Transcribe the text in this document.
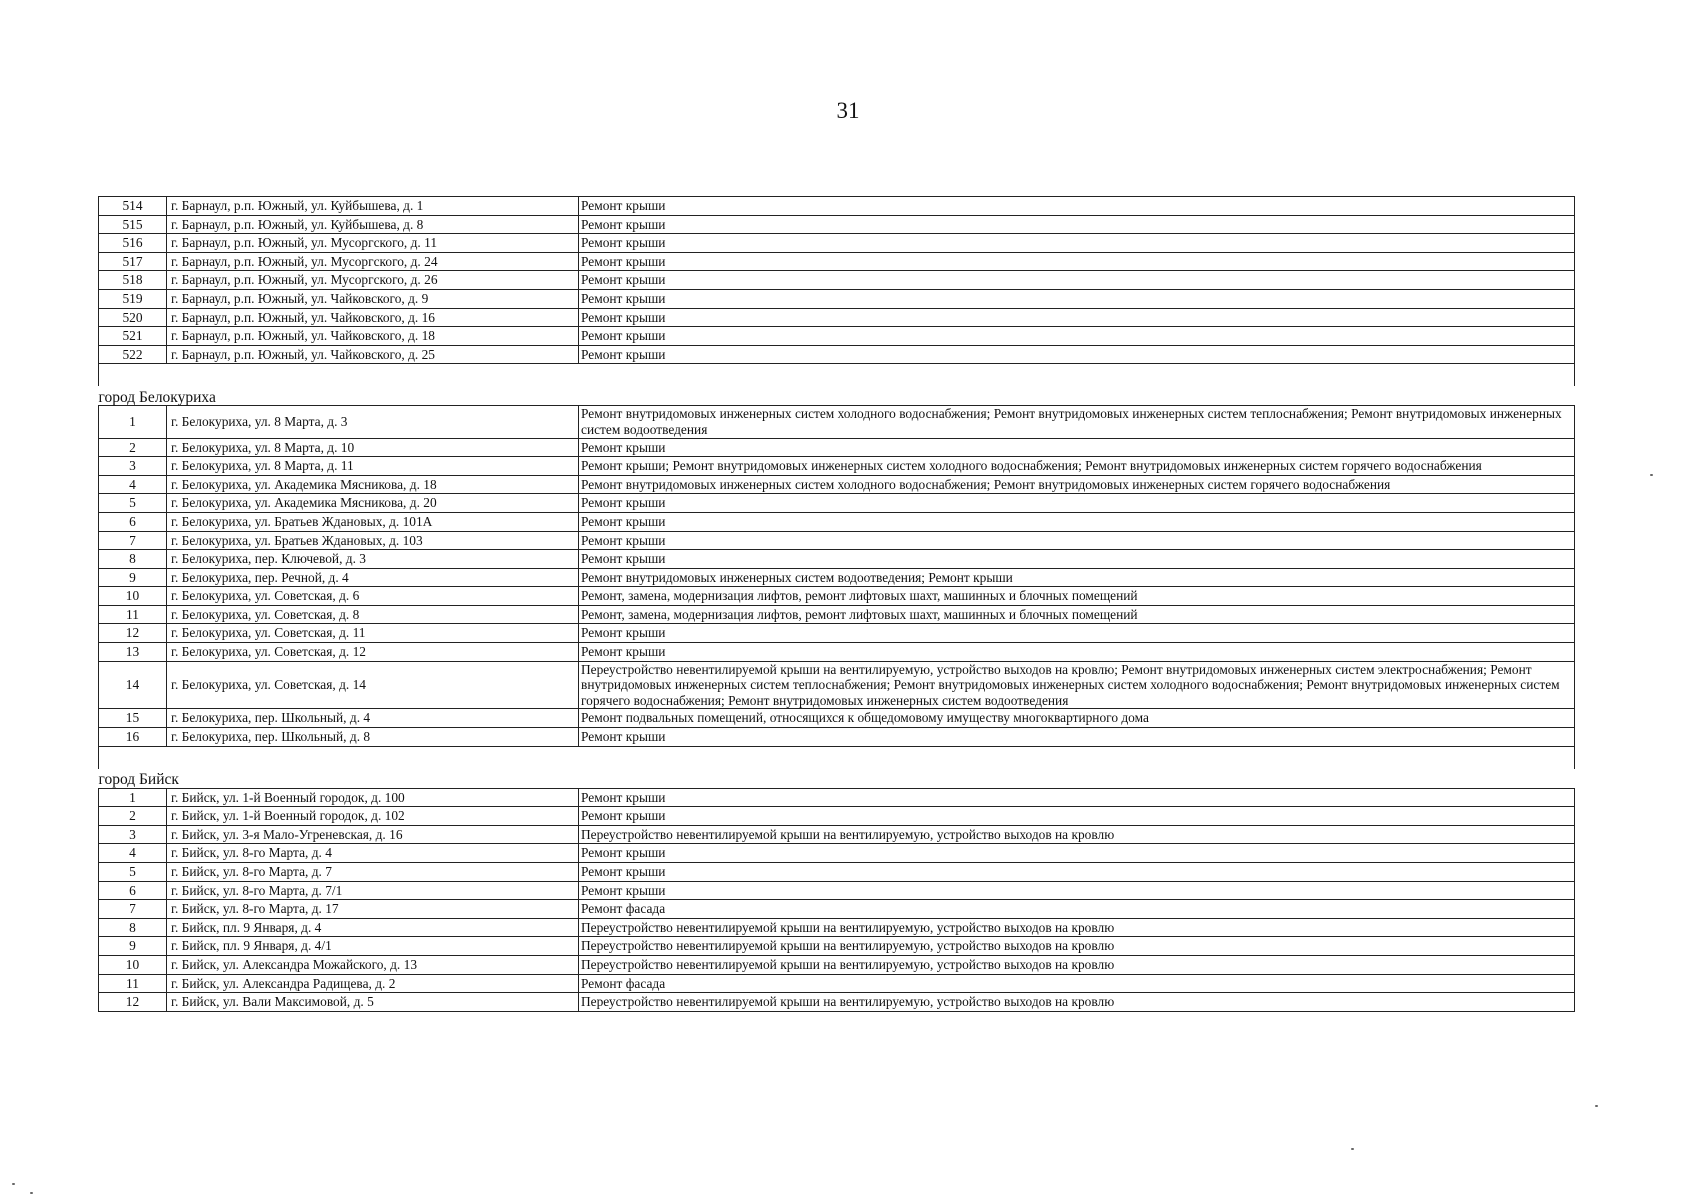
31
514	г. Барнаул, р.п. Южный, ул. Куйбышева, д. 1	Ремонт крыши
515	г. Барнаул, р.п. Южный, ул. Куйбышева, д. 8	Ремонт крыши
516	г. Барнаул, р.п. Южный, ул. Мусоргского, д. 11	Ремонт крыши
517	г. Барнаул, р.п. Южный, ул. Мусоргского, д. 24	Ремонт крыши
518	г. Барнаул, р.п. Южный, ул. Мусоргского, д. 26	Ремонт крыши
519	г. Барнаул, р.п. Южный, ул. Чайковского, д. 9	Ремонт крыши
520	г. Барнаул, р.п. Южный, ул. Чайковского, д. 16	Ремонт крыши
521	г. Барнаул, р.п. Южный, ул. Чайковского, д. 18	Ремонт крыши
522	г. Барнаул, р.п. Южный, ул. Чайковского, д. 25	Ремонт крыши

город Белокуриха		
1	г. Белокуриха, ул. 8 Марта, д. 3	Ремонт внутридомовых инженерных систем холодного водоснабжения; Ремонт внутридомовых инженерных систем теплоснабжения; Ремонт внутридомовых инженерных систем водоотведения
2	г. Белокуриха, ул. 8 Марта, д. 10	Ремонт крыши
3	г. Белокуриха, ул. 8 Марта, д. 11	Ремонт крыши; Ремонт внутридомовых инженерных систем холодного водоснабжения; Ремонт внутридомовых инженерных систем горячего водоснабжения
4	г. Белокуриха, ул. Академика Мясникова, д. 18	Ремонт внутридомовых инженерных систем холодного водоснабжения; Ремонт внутридомовых инженерных систем горячего водоснабжения
5	г. Белокуриха, ул. Академика Мясникова, д. 20	Ремонт крыши
6	г. Белокуриха, ул. Братьев Ждановых, д. 101А	Ремонт крыши
7	г. Белокуриха, ул. Братьев Ждановых, д. 103	Ремонт крыши
8	г. Белокуриха, пер. Ключевой, д. 3	Ремонт крыши
9	г. Белокуриха, пер. Речной, д. 4	Ремонт внутридомовых инженерных систем водоотведения; Ремонт крыши
10	г. Белокуриха, ул. Советская, д. 6	Ремонт, замена, модернизация лифтов, ремонт лифтовых шахт, машинных и блочных помещений
11	г. Белокуриха, ул. Советская, д. 8	Ремонт, замена, модернизация лифтов, ремонт лифтовых шахт, машинных и блочных помещений
12	г. Белокуриха, ул. Советская, д. 11	Ремонт крыши
13	г. Белокуриха, ул. Советская, д. 12	Ремонт крыши
14	г. Белокуриха, ул. Советская, д. 14	Переустройство невентилируемой крыши на вентилируемую, устройство выходов на кровлю; Ремонт внутридомовых инженерных систем электроснабжения; Ремонт внутридомовых инженерных систем теплоснабжения; Ремонт внутридомовых инженерных систем холодного водоснабжения; Ремонт внутридомовых инженерных систем горячего водоснабжения; Ремонт внутридомовых инженерных систем водоотведения
15	г. Белокуриха, пер. Школьный, д. 4	Ремонт подвальных помещений, относящихся к общедомовому имуществу многоквартирного дома
16	г. Белокуриха, пер. Школьный, д. 8	Ремонт крыши

город Бийск		
1	г. Бийск, ул. 1-й Военный городок, д. 100	Ремонт крыши
2	г. Бийск, ул. 1-й Военный городок, д. 102	Ремонт крыши
3	г. Бийск, ул. 3-я Мало-Угреневская, д. 16	Переустройство невентилируемой крыши на вентилируемую, устройство выходов на кровлю
4	г. Бийск, ул. 8-го Марта, д. 4	Ремонт крыши
5	г. Бийск, ул. 8-го Марта, д. 7	Ремонт крыши
6	г. Бийск, ул. 8-го Марта, д. 7/1	Ремонт крыши
7	г. Бийск, ул. 8-го Марта, д. 17	Ремонт фасада
8	г. Бийск, пл. 9 Января, д. 4	Переустройство невентилируемой крыши на вентилируемую, устройство выходов на кровлю
9	г. Бийск, пл. 9 Января, д. 4/1	Переустройство невентилируемой крыши на вентилируемую, устройство выходов на кровлю
10	г. Бийск, ул. Александра Можайского, д. 13	Переустройство невентилируемой крыши на вентилируемую, устройство выходов на кровлю
11	г. Бийск, ул. Александра Радищева, д. 2	Ремонт фасада
12	г. Бийск, ул. Вали Максимовой, д. 5	Переустройство невентилируемой крыши на вентилируемую, устройство выходов на кровлю
